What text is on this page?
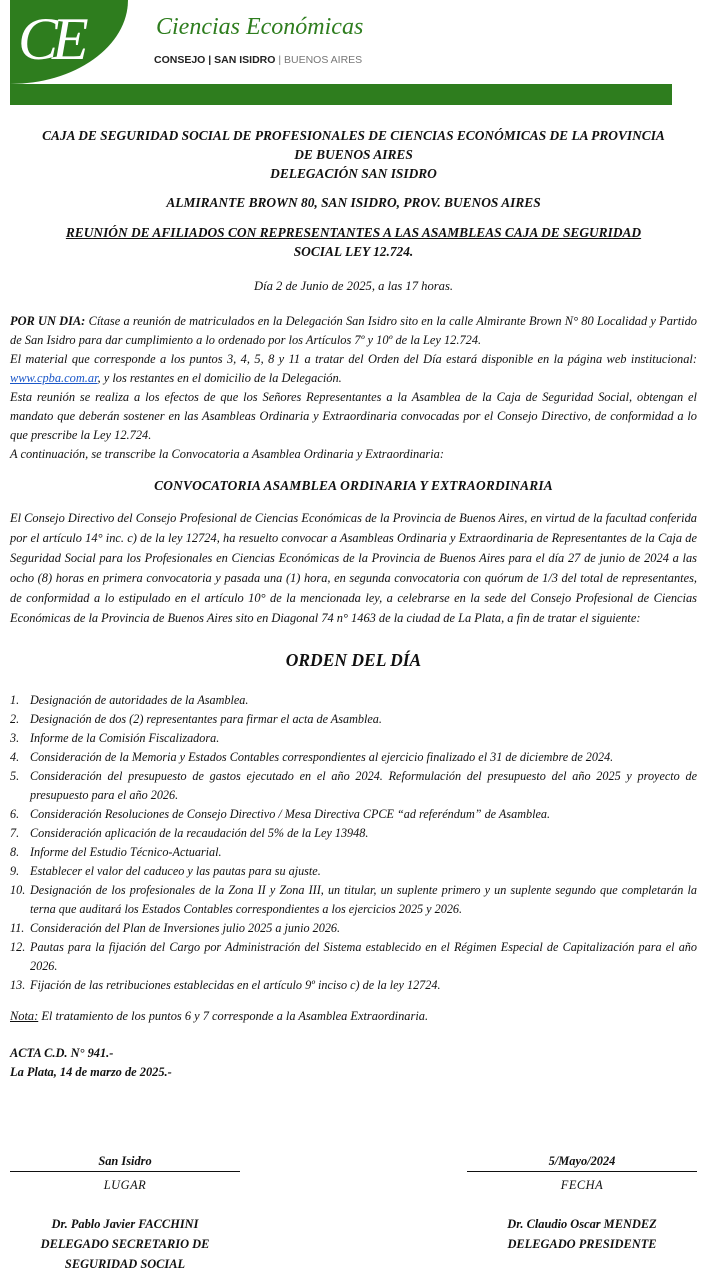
CE	Ciencias Económicas
CONSEJO | SAN ISIDRO | BUENOS AIRES
CAJA DE SEGURIDAD SOCIAL DE PROFESIONALES DE CIENCIAS ECONÓMICAS DE LA PROVINCIA
DE BUENOS AIRES
DELEGACIÓN SAN ISIDRO
ALMIRANTE BROWN 80, SAN ISIDRO, PROV. BUENOS AIRES
REUNIÓN DE AFILIADOS CON REPRESENTANTES A LAS ASAMBLEAS CAJA DE SEGURIDAD
SOCIAL LEY 12.724.
Día 2 de Junio de 2025, a las 17 horas.
POR UN DIA: Cítase a reunión de matriculados en la Delegación San Isidro sito en la calle Almirante Brown N° 80 Localidad y Partido de San Isidro para dar cumplimiento a lo ordenado por los Artículos 7º y 10º de la Ley 12.724.
El material que corresponde a los puntos 3, 4, 5, 8 y 11 a tratar del Orden del Día estará disponible en la página web institucional: www.cpba.com.ar, y los restantes en el domicilio de la Delegación.
Esta reunión se realiza a los efectos de que los Señores Representantes a la Asamblea de la Caja de Seguridad Social, obtengan el mandato que deberán sostener en las Asambleas Ordinaria y Extraordinaria convocadas por el Consejo Directivo, de conformidad a lo que prescribe la Ley 12.724.
A continuación, se transcribe la Convocatoria a Asamblea Ordinaria y Extraordinaria:
CONVOCATORIA ASAMBLEA ORDINARIA Y EXTRAORDINARIA
El Consejo Directivo del Consejo Profesional de Ciencias Económicas de la Provincia de Buenos Aires, en virtud de la facultad conferida por el artículo 14° inc. c) de la ley 12724, ha resuelto convocar a Asambleas Ordinaria y Extraordinaria de Representantes de la Caja de Seguridad Social para los Profesionales en Ciencias Económicas de la Provincia de Buenos Aires para el día 27 de junio de 2024 a las ocho (8) horas en primera convocatoria y pasada una (1) hora, en segunda convocatoria con quórum de 1/3 del total de representantes, de conformidad a lo estipulado en el artículo 10° de la mencionada ley, a celebrarse en la sede del Consejo Profesional de Ciencias Económicas de la Provincia de Buenos Aires sito en Diagonal 74 n° 1463 de la ciudad de La Plata, a fin de tratar el siguiente:
ORDEN DEL DÍA
1. Designación de autoridades de la Asamblea.
2. Designación de dos (2) representantes para firmar el acta de Asamblea.
3. Informe de la Comisión Fiscalizadora.
4. Consideración de la Memoria y Estados Contables correspondientes al ejercicio finalizado el 31 de diciembre de 2024.
5. Consideración del presupuesto de gastos ejecutado en el año 2024. Reformulación del presupuesto del año 2025 y proyecto de presupuesto para el año 2026.
6. Consideración Resoluciones de Consejo Directivo / Mesa Directiva CPCE “ad referéndum” de Asamblea.
7. Consideración aplicación de la recaudación del 5% de la Ley 13948.
8. Informe del Estudio Técnico-Actuarial.
9. Establecer el valor del caduceo y las pautas para su ajuste.
10. Designación de los profesionales de la Zona II y Zona III, un titular, un suplente primero y un suplente segundo que completarán la terna que auditará los Estados Contables correspondientes a los ejercicios 2025 y 2026.
11. Consideración del Plan de Inversiones julio 2025 a junio 2026.
12. Pautas para la fijación del Cargo por Administración del Sistema establecido en el Régimen Especial de Capitalización para el año 2026.
13. Fijación de las retribuciones establecidas en el artículo 9º inciso c) de la ley 12724.
Nota: El tratamiento de los puntos 6 y 7 corresponde a la Asamblea Extraordinaria.
ACTA C.D. N° 941.-
La Plata, 14 de marzo de 2025.-
San Isidro
LUGAR
5/Mayo/2024
FECHA
Dr. Pablo Javier FACCHINI
DELEGADO SECRETARIO DE
SEGURIDAD SOCIAL
Dr. Claudio Oscar MENDEZ
DELEGADO PRESIDENTE
